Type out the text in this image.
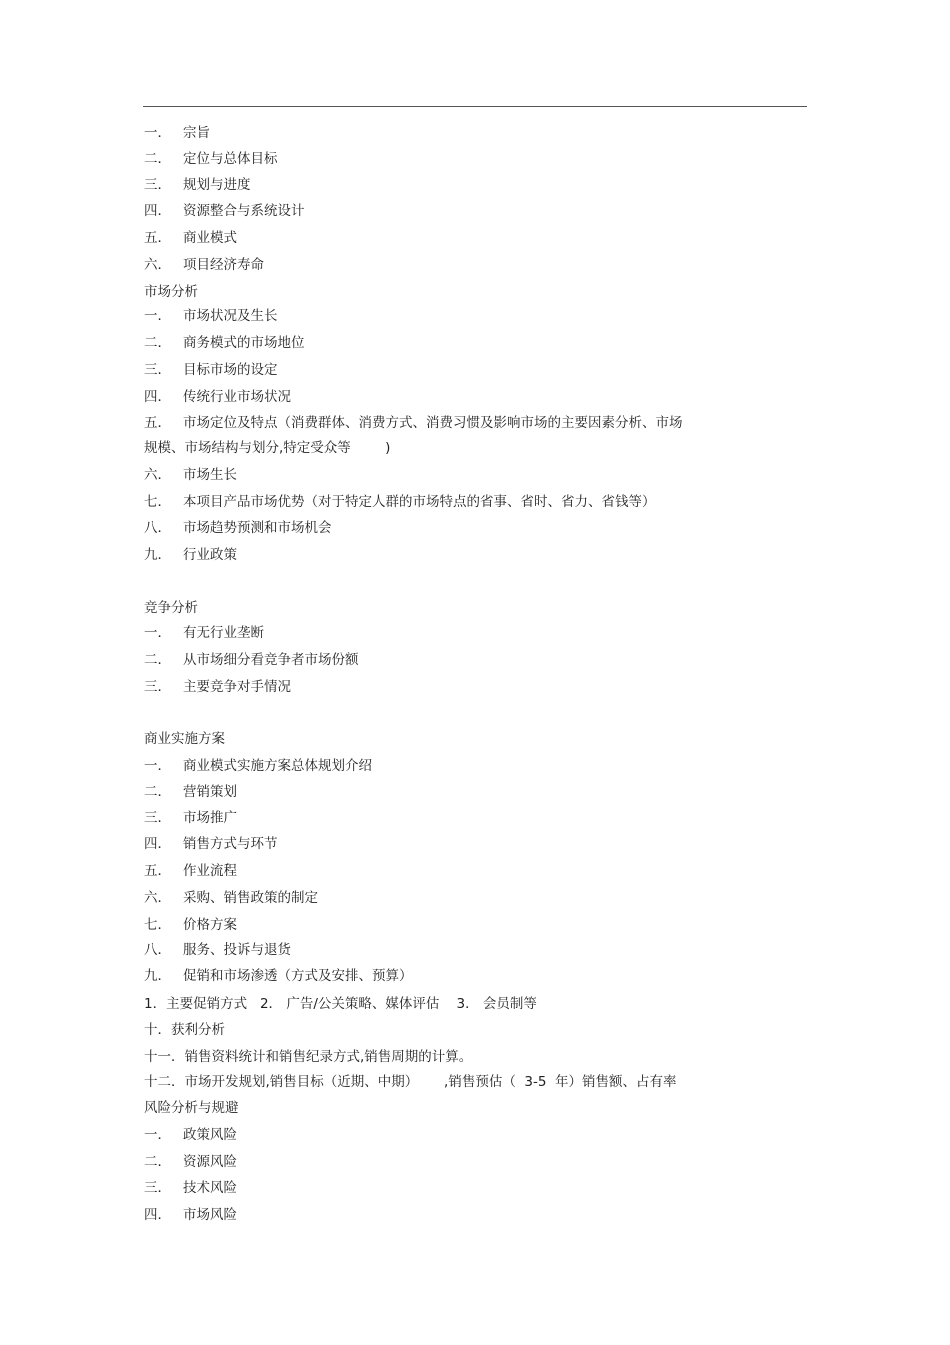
一． 宗旨
二． 定位与总体目标
三． 规划与进度
四． 资源整合与系统设计
五． 商业模式
六． 项目经济寿命
市场分析
一． 市场状况及生长
二． 商务模式的市场地位
三． 目标市场的设定
四． 传统行业市场状况
五． 市场定位及特点（消费群体、消费方式、消费习惯及影响市场的主要因素分析、市场
规模、市场结构与划分,特定受众等        )
六． 市场生长
七． 本项目产品市场优势（对于特定人群的市场特点的省事、省时、省力、省钱等）
八． 市场趋势预测和市场机会
九． 行业政策
竞争分析
一． 有无行业垄断
二． 从市场细分看竞争者市场份额
三． 主要竞争对手情况
商业实施方案
一． 商业模式实施方案总体规划介绍
二． 营销策划
三． 市场推广
四． 销售方式与环节
五． 作业流程
六． 采购、销售政策的制定
七． 价格方案
八． 服务、投诉与退货
九． 促销和市场渗透（方式及安排、预算）
1．主要促销方式   2． 广告/公关策略、媒体评估    3． 会员制等
十．获利分析
十一．销售资料统计和销售纪录方式,销售周期的计算。
十二．市场开发规划,销售目标（近期、中期）      ,销售预估（  3-5  年）销售额、占有率
风险分析与规避
一． 政策风险
二． 资源风险
三． 技术风险
四． 市场风险
